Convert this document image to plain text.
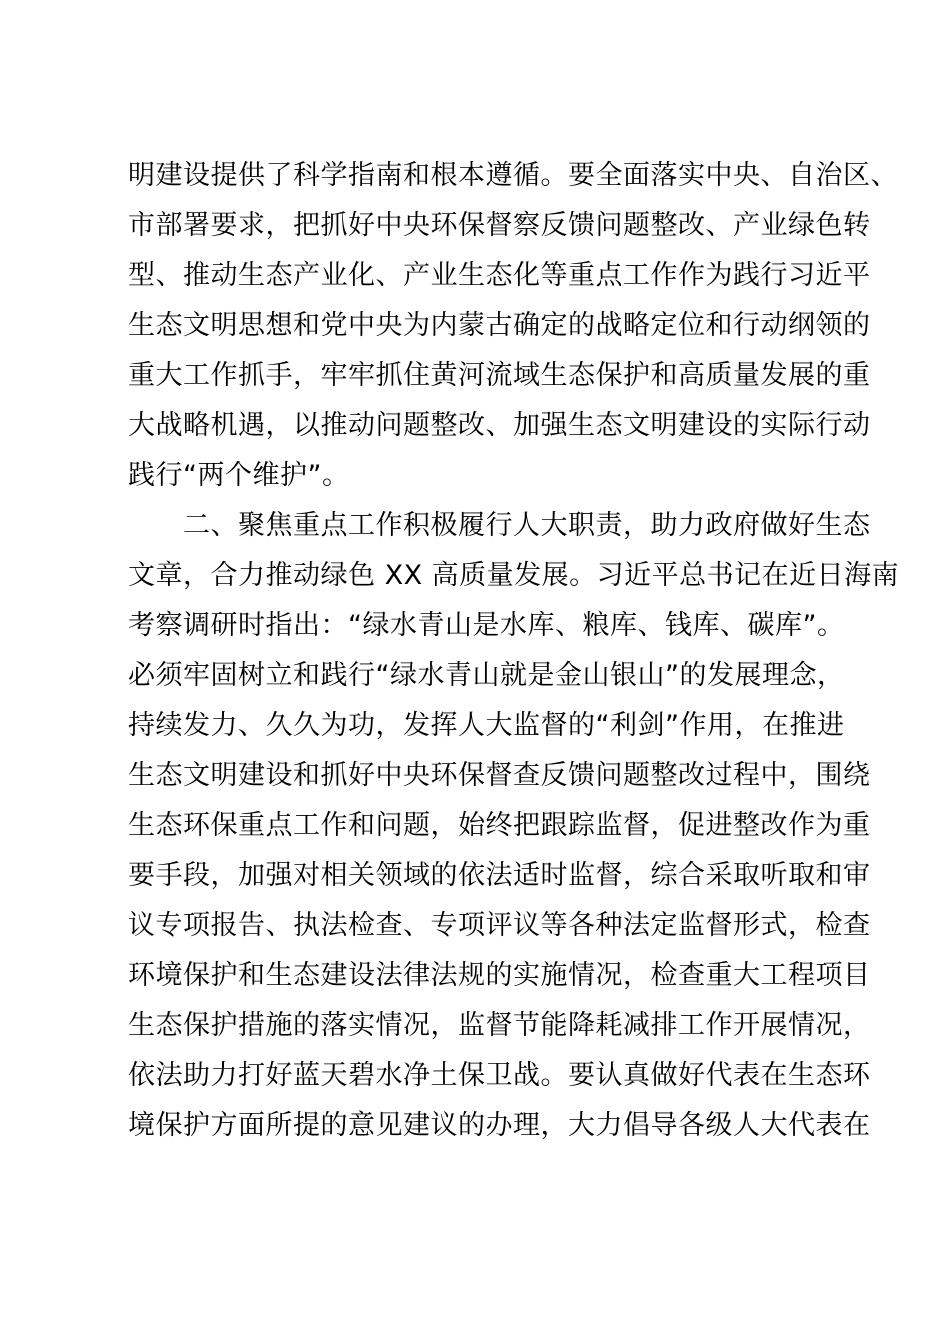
明建设提供了科学指南和根本遵循。要全面落实中央、自治区、
市部署要求，把抓好中央环保督察反馈问题整改、产业绿色转
型、推动生态产业化、产业生态化等重点工作作为践行习近平
生态文明思想和党中央为内蒙古确定的战略定位和行动纲领的
重大工作抓手，牢牢抓住黄河流域生态保护和高质量发展的重
大战略机遇，以推动问题整改、加强生态文明建设的实际行动
践行“两个维护”。
　　二、聚焦重点工作积极履行人大职责，助力政府做好生态
文章，合力推动绿色 XX 高质量发展。习近平总书记在近日海南
考察调研时指出：“绿水青山是水库、粮库、钱库、碳库”。
必须牢固树立和践行“绿水青山就是金山银山”的发展理念，
持续发力、久久为功，发挥人大监督的“利剑”作用，在推进
生态文明建设和抓好中央环保督查反馈问题整改过程中，围绕
生态环保重点工作和问题，始终把跟踪监督，促进整改作为重
要手段，加强对相关领域的依法适时监督，综合采取听取和审
议专项报告、执法检查、专项评议等各种法定监督形式，检查
环境保护和生态建设法律法规的实施情况，检查重大工程项目
生态保护措施的落实情况，监督节能降耗减排工作开展情况，
依法助力打好蓝天碧水净土保卫战。要认真做好代表在生态环
境保护方面所提的意见建议的办理，大力倡导各级人大代表在
